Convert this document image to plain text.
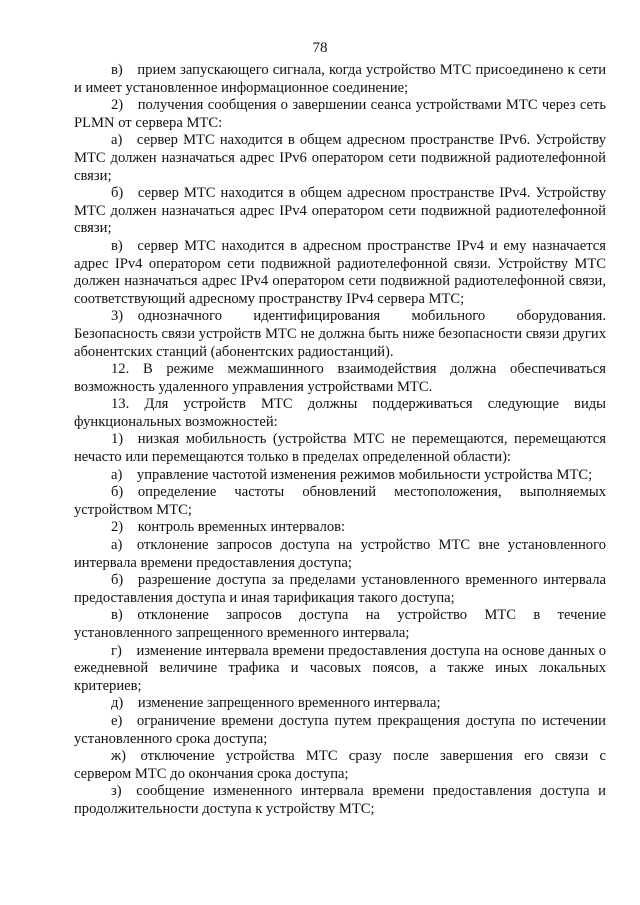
78

в) прием запускающего сигнала, когда устройство МТС присоединено к сети и имеет установленное информационное соединение;

2) получения сообщения о завершении сеанса устройствами МТС через сеть PLMN от сервера МТС:

а) сервер МТС находится в общем адресном пространстве IPv6. Устройству МТС должен назначаться адрес IPv6 оператором сети подвижной радиотелефонной связи;

б) сервер МТС находится в общем адресном пространстве IPv4. Устройству МТС должен назначаться адрес IPv4 оператором сети подвижной радиотелефонной связи;

в) сервер МТС находится в адресном пространстве IPv4 и ему назначается адрес IPv4 оператором сети подвижной радиотелефонной связи. Устройству МТС должен назначаться адрес IPv4 оператором сети подвижной радиотелефонной связи, соответствующий адресному пространству IPv4 сервера МТС;

3) однозначного идентифицирования мобильного оборудования. Безопасность связи устройств МТС не должна быть ниже безопасности связи других абонентских станций (абонентских радиостанций).

12. В режиме межмашинного взаимодействия должна обеспечиваться возможность удаленного управления устройствами МТС.

13. Для устройств МТС должны поддерживаться следующие виды функциональных возможностей:

1) низкая мобильность (устройства МТС не перемещаются, перемещаются нечасто или перемещаются только в пределах определенной области):

а) управление частотой изменения режимов мобильности устройства МТС;

б) определение частоты обновлений местоположения, выполняемых устройством МТС;

2) контроль временных интервалов:

а) отклонение запросов доступа на устройство МТС вне установленного интервала времени предоставления доступа;

б) разрешение доступа за пределами установленного временного интервала предоставления доступа и иная тарификация такого доступа;

в) отклонение запросов доступа на устройство МТС в течение установленного запрещенного временного интервала;

г) изменение интервала времени предоставления доступа на основе данных о ежедневной величине трафика и часовых поясов, а также иных локальных критериев;

д) изменение запрещенного временного интервала;

е) ограничение времени доступа путем прекращения доступа по истечении установленного срока доступа;

ж) отключение устройства МТС сразу после завершения его связи с сервером МТС до окончания срока доступа;

з) сообщение измененного интервала времени предоставления доступа и продолжительности доступа к устройству МТС;
